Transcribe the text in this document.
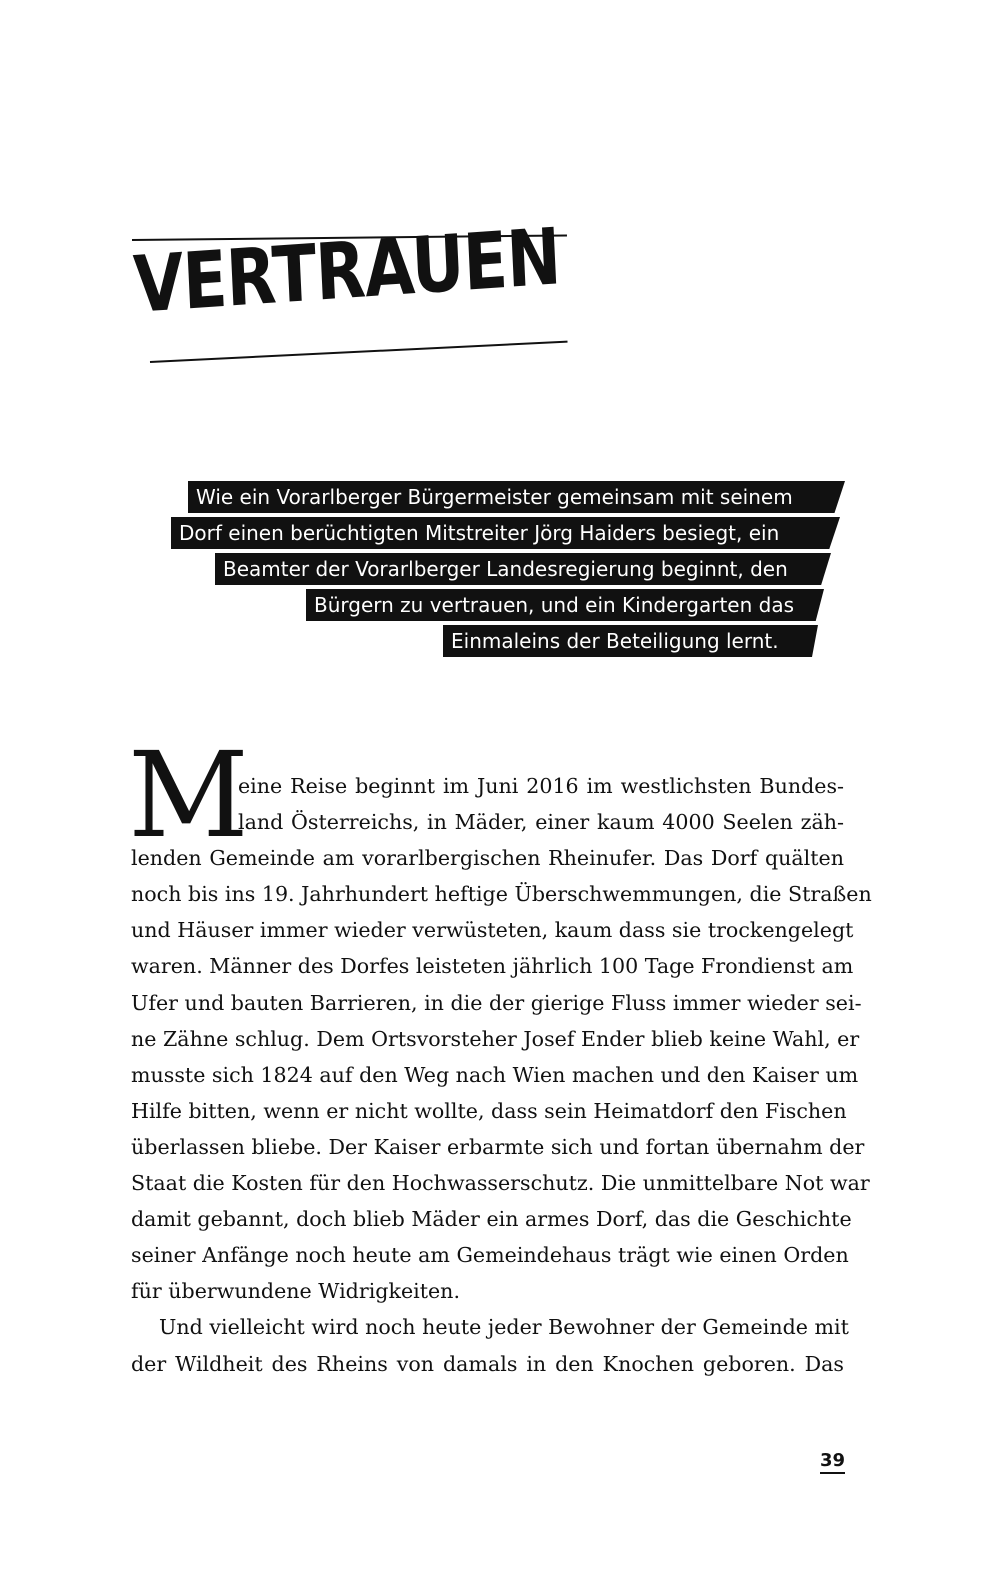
VERTRAUEN
Wie ein Vorarlberger Bürgermeister gemeinsam mit seinem
Dorf einen berüchtigten Mitstreiter Jörg Haiders besiegt, ein
Beamter der Vorarlberger Landesregierung beginnt, den
Bürgern zu vertrauen, und ein Kindergarten das
Einmaleins der Beteiligung lernt.
M
eine Reise beginnt im Juni 2016 im westlichsten Bundes-
land Österreichs, in Mäder, einer kaum 4000 Seelen zäh-
lenden Gemeinde am vorarlbergischen Rheinufer. Das Dorf quälten
noch bis ins 19. Jahrhundert heftige Überschwemmungen, die Straßen
und Häuser immer wieder verwüsteten, kaum dass sie trockengelegt
waren. Männer des Dorfes leisteten jährlich 100 Tage Frondienst am
Ufer und bauten Barrieren, in die der gierige Fluss immer wieder sei-
ne Zähne schlug. Dem Ortsvorsteher Josef Ender blieb keine Wahl, er
musste sich 1824 auf den Weg nach Wien machen und den Kaiser um
Hilfe bitten, wenn er nicht wollte, dass sein Heimatdorf den Fischen
überlassen bliebe. Der Kaiser erbarmte sich und fortan übernahm der
Staat die Kosten für den Hochwasserschutz. Die unmittelbare Not war
damit gebannt, doch blieb Mäder ein armes Dorf, das die Geschichte
seiner Anfänge noch heute am Gemeindehaus trägt wie einen Orden
für überwundene Widrigkeiten.
Und vielleicht wird noch heute jeder Bewohner der Gemeinde mit
der Wildheit des Rheins von damals in den Knochen geboren. Das
39
